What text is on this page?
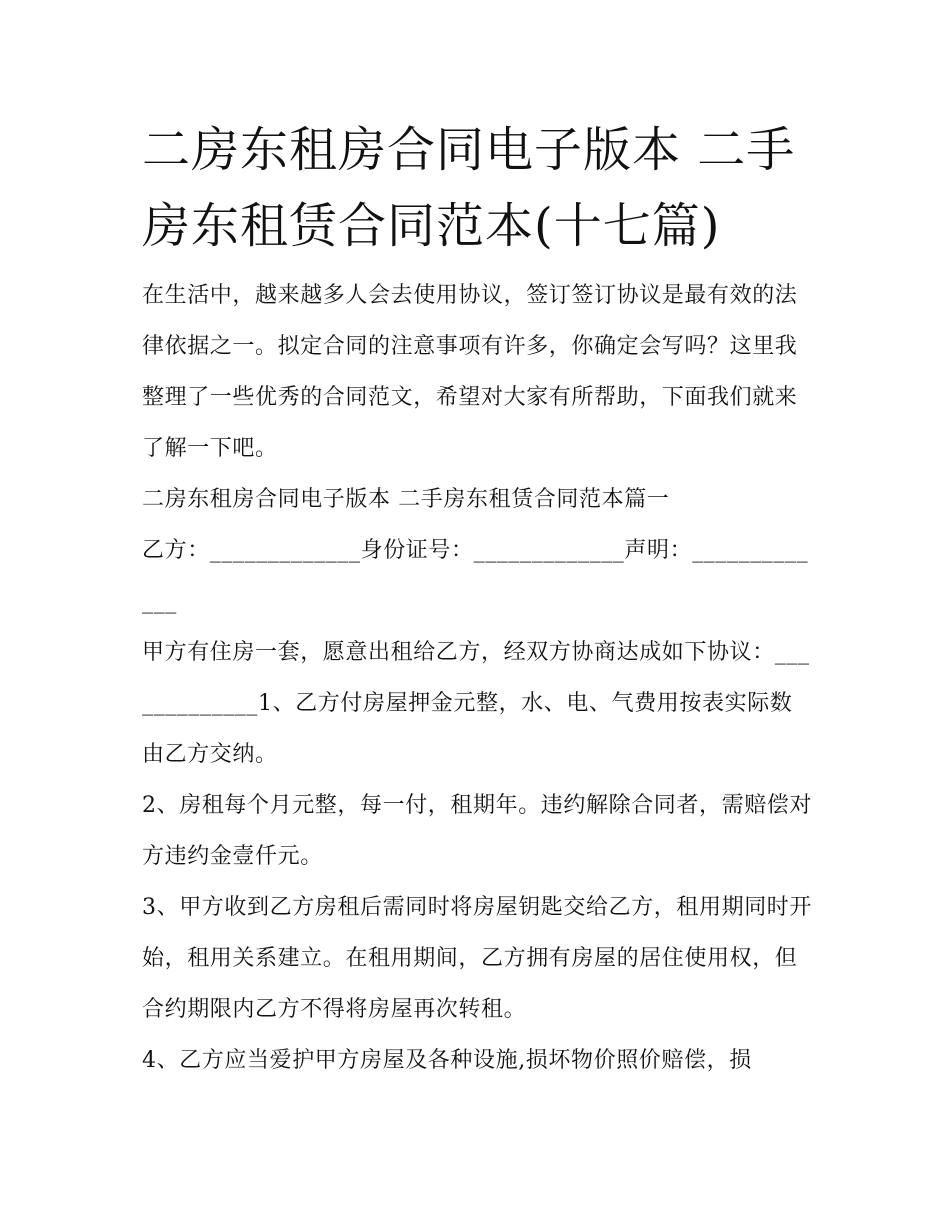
二房东租房合同电子版本 二手房东租赁合同范本(十七篇)

在生活中，越来越多人会去使用协议，签订签订协议是最有效的法律依据之一。拟定合同的注意事项有许多，你确定会写吗？这里我整理了一些优秀的合同范文，希望对大家有所帮助，下面我们就来了解一下吧。

二房东租房合同电子版本 二手房东租赁合同范本篇一

乙方：_____________身份证号：_____________声明：_____________

甲方有住房一套，愿意出租给乙方，经双方协商达成如下协议：_____________1、乙方付房屋押金元整，水、电、气费用按表实际数由乙方交纳。

2、房租每个月元整，每一付，租期年。违约解除合同者，需赔偿对方违约金壹仟元。

3、甲方收到乙方房租后需同时将房屋钥匙交给乙方，租用期同时开始，租用关系建立。在租用期间，乙方拥有房屋的居住使用权，但合约期限内乙方不得将房屋再次转租。

4、乙方应当爱护甲方房屋及各种设施,损坏物价照价赔偿，损
